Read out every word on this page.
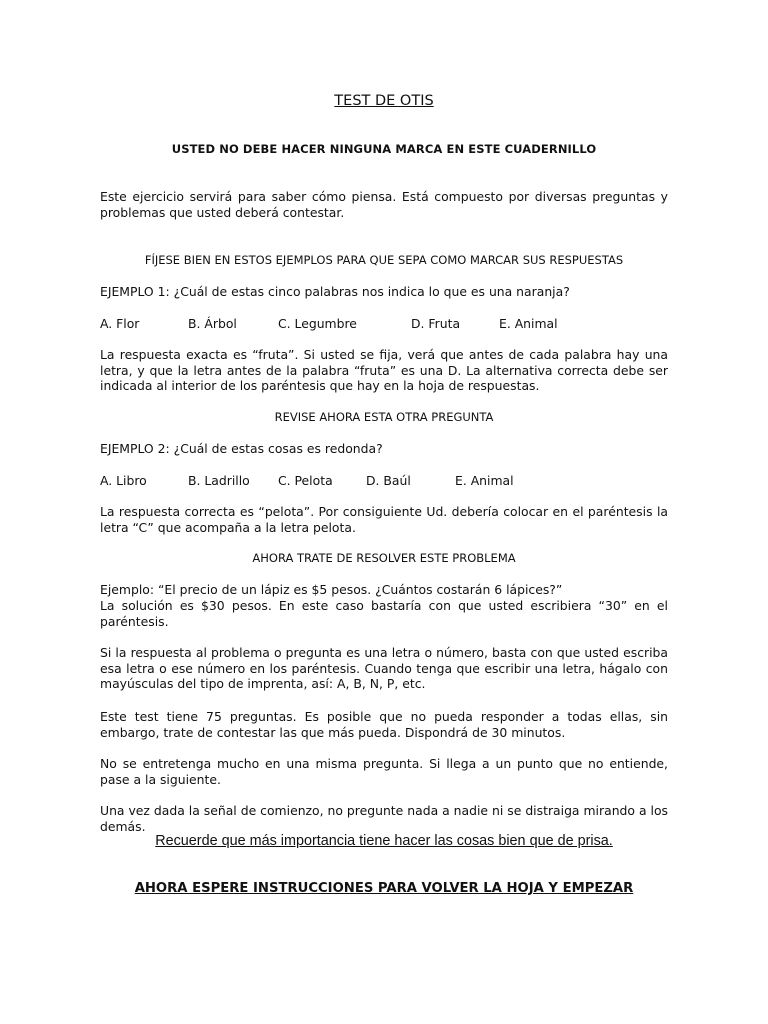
TEST DE OTIS
USTED NO DEBE HACER NINGUNA MARCA EN ESTE CUADERNILLO
Este ejercicio servirá para saber cómo piensa. Está compuesto por diversas preguntas y problemas que usted deberá contestar.
FÍJESE BIEN EN ESTOS EJEMPLOS PARA QUE SEPA COMO MARCAR SUS RESPUESTAS
EJEMPLO 1: ¿Cuál de estas cinco palabras nos indica lo que es una naranja?
A. Flor	B. Árbol	C. Legumbre	D. Fruta	E. Animal
La respuesta exacta es “fruta”. Si usted se fija, verá que antes de cada palabra hay una letra, y que la letra antes de la palabra “fruta” es una D. La alternativa correcta debe ser indicada al interior de los paréntesis que hay en la hoja de respuestas.
REVISE AHORA ESTA OTRA PREGUNTA
EJEMPLO 2: ¿Cuál de estas cosas es redonda?
A. Libro	B. Ladrillo C. Pelota	D. Baúl	E. Animal
La respuesta correcta es “pelota”. Por consiguiente Ud. debería colocar en el paréntesis la letra “C” que acompaña a la letra pelota.
AHORA TRATE DE RESOLVER ESTE PROBLEMA
Ejemplo: “El precio de un lápiz es $5 pesos. ¿Cuántos costarán 6 lápices?”
La solución es $30 pesos. En este caso bastaría con que usted escribiera “30” en el paréntesis.
Si la respuesta al problema o pregunta es una letra o número, basta con que usted escriba esa letra o ese número en los paréntesis. Cuando tenga que escribir una letra, hágalo con mayúsculas del tipo de imprenta, así: A, B, N, P, etc.
Este test tiene 75 preguntas. Es posible que no pueda responder a todas ellas, sin embargo, trate de contestar las que más pueda. Dispondrá de 30 minutos.
No se entretenga mucho en una misma pregunta. Si llega a un punto que no entiende, pase a la siguiente.
Una vez dada la señal de comienzo, no pregunte nada a nadie ni se distraiga mirando a los demás.
Recuerde que más importancia tiene hacer las cosas bien que de prisa.
AHORA ESPERE INSTRUCCIONES PARA VOLVER LA HOJA Y EMPEZAR
